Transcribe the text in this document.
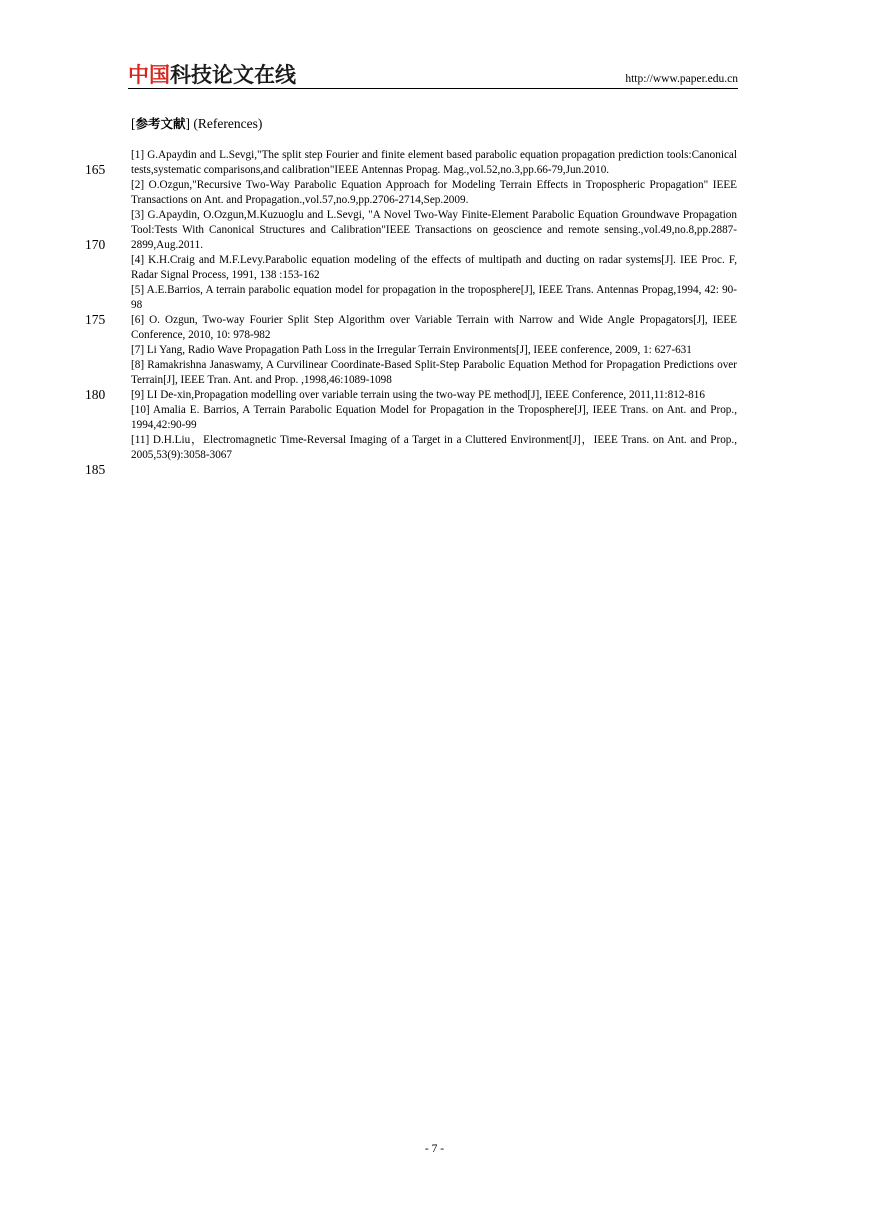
中国科技论文在线	http://www.paper.edu.cn
[参考文献] (References)
165
170
175
180
185

[1] G.Apaydin and L.Sevgi,"The split step Fourier and finite element based parabolic equation propagation prediction tools:Canonical tests,systematic comparisons,and calibration"IEEE Antennas Propag. Mag.,vol.52,no.3,pp.66-79,Jun.2010.

[2] O.Ozgun,"Recursive Two-Way Parabolic Equation Approach for Modeling Terrain Effects in Tropospheric Propagation" IEEE Transactions on Ant. and Propagation.,vol.57,no.9,pp.2706-2714,Sep.2009.

[3] G.Apaydin, O.Ozgun,M.Kuzuoglu and L.Sevgi, "A Novel Two-Way Finite-Element Parabolic Equation Groundwave Propagation Tool:Tests With Canonical Structures and Calibration"IEEE Transactions on geoscience and remote sensing.,vol.49,no.8,pp.2887-2899,Aug.2011.

[4] K.H.Craig and M.F.Levy.Parabolic equation modeling of the effects of multipath and ducting on radar systems[J]. IEE Proc. F, Radar Signal Process, 1991, 138 :153-162

[5] A.E.Barrios, A terrain parabolic equation model for propagation in the troposphere[J], IEEE Trans. Antennas Propag,1994, 42: 90-98

[6] O. Ozgun, Two-way Fourier Split Step Algorithm over Variable Terrain with Narrow and Wide Angle Propagators[J], IEEE Conference, 2010, 10: 978-982

[7] Li Yang, Radio Wave Propagation Path Loss in the Irregular Terrain Environments[J], IEEE conference, 2009, 1: 627-631

[8] Ramakrishna Janaswamy, A Curvilinear Coordinate-Based Split-Step Parabolic Equation Method for Propagation Predictions over Terrain[J], IEEE Tran. Ant. and Prop. ,1998,46:1089-1098

[9] LI De-xin,Propagation modelling over variable terrain using the two-way PE method[J], IEEE Conference, 2011,11:812-816

[10] Amalia E. Barrios, A Terrain Parabolic Equation Model for Propagation in the Troposphere[J], IEEE Trans. on Ant. and Prop., 1994,42:90-99

[11] D.H.Liu，Electromagnetic Time-Reversal Imaging of a Target in a Cluttered Environment[J]，IEEE Trans. on Ant. and Prop., 2005,53(9):3058-3067

- 7 -
